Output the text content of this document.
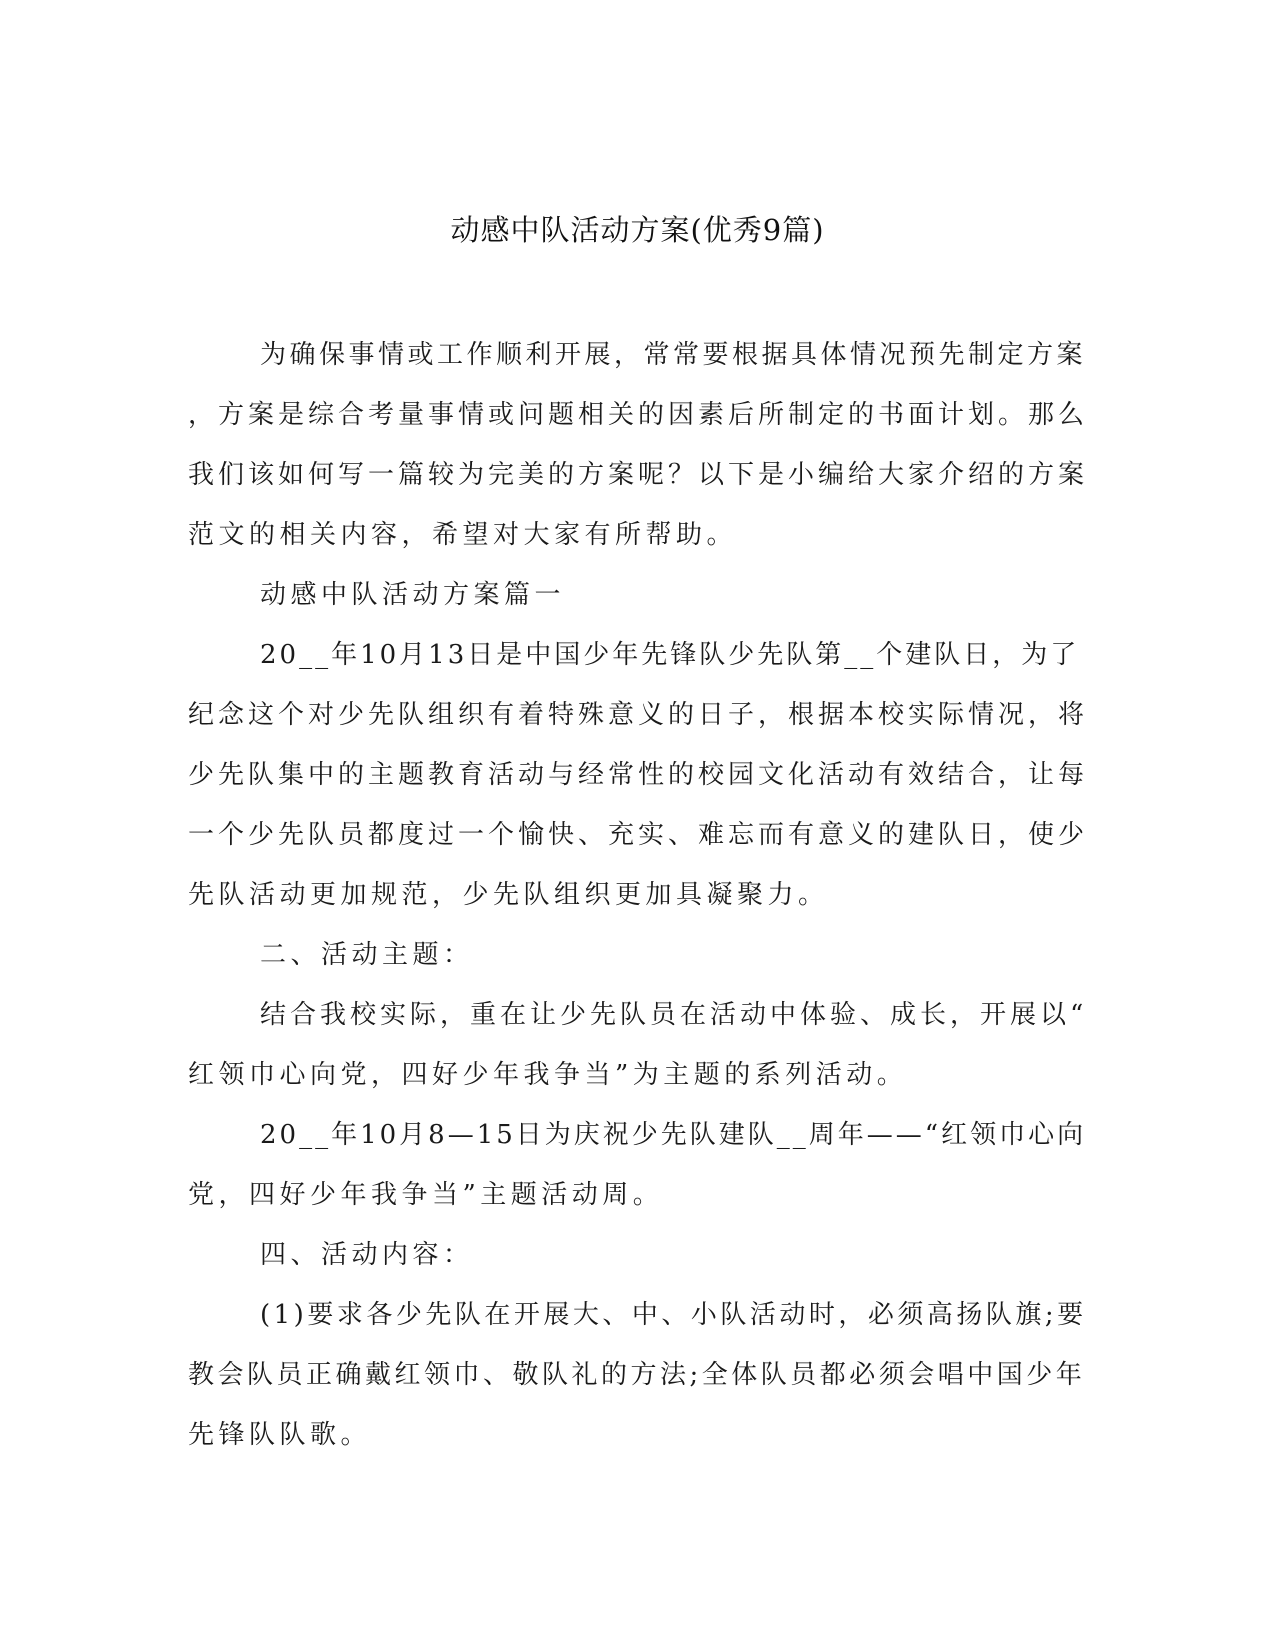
动感中队活动方案(优秀9篇)
为确保事情或工作顺利开展，常常要根据具体情况预先制定方案
，方案是综合考量事情或问题相关的因素后所制定的书面计划。那么
我们该如何写一篇较为完美的方案呢？以下是小编给大家介绍的方案
范文的相关内容，希望对大家有所帮助。
动感中队活动方案篇一
20__年10月13日是中国少年先锋队少先队第__个建队日，为了
纪念这个对少先队组织有着特殊意义的日子，根据本校实际情况，将
少先队集中的主题教育活动与经常性的校园文化活动有效结合，让每
一个少先队员都度过一个愉快、充实、难忘而有意义的建队日，使少
先队活动更加规范，少先队组织更加具凝聚力。
二、活动主题：
结合我校实际，重在让少先队员在活动中体验、成长，开展以“
红领巾心向党，四好少年我争当”为主题的系列活动。
20__年10月8—15日为庆祝少先队建队__周年——“红领巾心向
党，四好少年我争当”主题活动周。
四、活动内容：
(1)要求各少先队在开展大、中、小队活动时，必须高扬队旗;要
教会队员正确戴红领巾、敬队礼的方法;全体队员都必须会唱中国少年
先锋队队歌。
